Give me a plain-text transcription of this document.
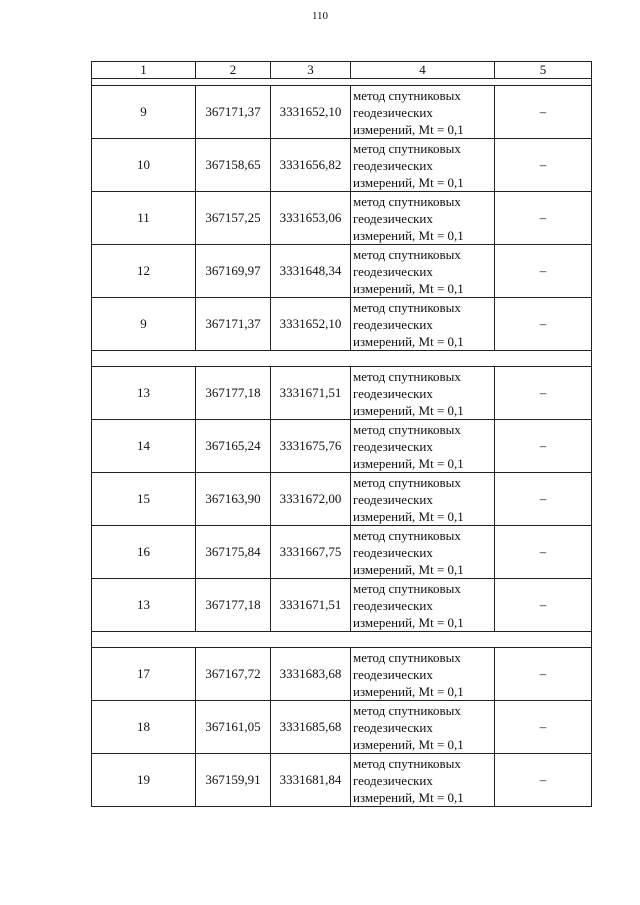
110
1	2	3	4	5

9	367171,37	3331652,10	метод спутниковых
геодезических
измерений, Mt = 0,1	–
10	367158,65	3331656,82	метод спутниковых
геодезических
измерений, Mt = 0,1	–
11	367157,25	3331653,06	метод спутниковых
геодезических
измерений, Mt = 0,1	–
12	367169,97	3331648,34	метод спутниковых
геодезических
измерений, Mt = 0,1	–
9	367171,37	3331652,10	метод спутниковых
геодезических
измерений, Mt = 0,1	–

13	367177,18	3331671,51	метод спутниковых
геодезических
измерений, Mt = 0,1	–
14	367165,24	3331675,76	метод спутниковых
геодезических
измерений, Mt = 0,1	–
15	367163,90	3331672,00	метод спутниковых
геодезических
измерений, Mt = 0,1	–
16	367175,84	3331667,75	метод спутниковых
геодезических
измерений, Mt = 0,1	–
13	367177,18	3331671,51	метод спутниковых
геодезических
измерений, Mt = 0,1	–

17	367167,72	3331683,68	метод спутниковых
геодезических
измерений, Mt = 0,1	–
18	367161,05	3331685,68	метод спутниковых
геодезических
измерений, Mt = 0,1	–
19	367159,91	3331681,84	метод спутниковых
геодезических
измерений, Mt = 0,1	–
